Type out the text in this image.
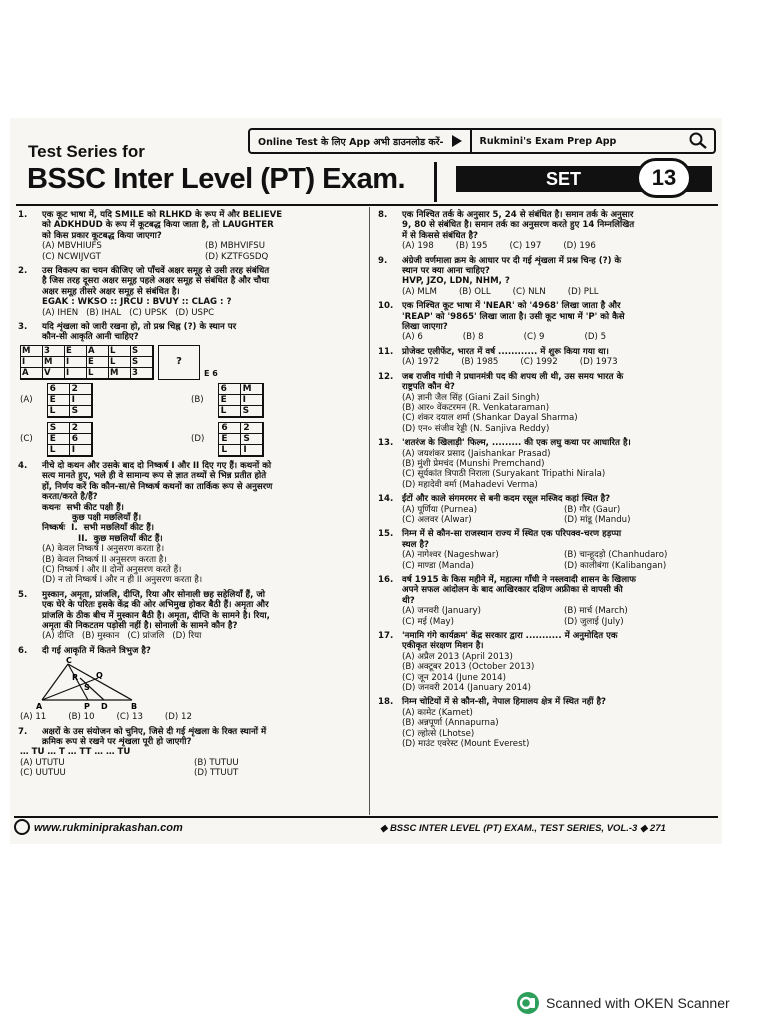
Online Test के लिए App अभी डाउनलोड करें-	Rukmini's Exam Prep App
Test Series for
BSSC Inter Level (PT) Exam.	SET	13
1. एक कूट भाषा में, यदि SMILE को RLHKD के रूप में और BELIEVE
को ADKHDUD के रूप में कूटबद्ध किया जाता है, तो LAUGHTER
को किस प्रकार कूटबद्ध किया जाएगा?
(A) MBVHIUFS	(B) MBHVIFSU
(C) NCWIJVGT	(D) KZTFGSDQ
2. उस विकल्प का चयन कीजिए जो पाँचवें अक्षर समूह से उसी तरह संबंधित
है जिस तरह दूसरा अक्षर समूह पहले अक्षर समूह से संबंधित है और चौथा
अक्षर समूह तीसरे अक्षर समूह से संबंधित है।
EGAK : WKSO :: JRCU : BVUY :: CLAG : ?
(A) IHEN (B) IHAL (C) UPSK (D) USPC
3. यदि शृंखला को जारी रखना हो, तो प्रश्न चिह्न (?) के स्थान पर
कौन-सी आकृति आनी चाहिए?
M	3	E	A	L	S
I	M	I	E	L	S
A	V	I	L	M	3
?
E 6
(A)
6	2
E	I
L	S
(B)
6	M
E	I
L	S
(C)
S	2
E	6
L	I
(D)
6	2
E	S
L	I
4. नीचे दो कथन और उसके बाद दो निष्कर्ष I और II दिए गए हैं। कथनों को
सत्य मानते हुए, भले ही वे सामान्य रूप से ज्ञात तथ्यों से भिन्न प्रतीत होते
हों, निर्णय करें कि कौन-सा/से निष्कर्ष कथनों का तार्किक रूप से अनुसरण
करता/करते है/हैं?
कथनः सभी कीट पक्षी हैं।
कुछ पक्षी मछलियाँ हैं।
निष्कर्षः I. सभी मछलियाँ कीट हैं।
II. कुछ मछलियाँ कीट हैं।
(A) केवल निष्कर्ष I अनुसरण करता है।
(B) केवल निष्कर्ष II अनुसरण करता है।
(C) निष्कर्ष I और II दोनों अनुसरण करते हैं।
(D) न तो निष्कर्ष I और न ही II अनुसरण करता है।
5. मुस्कान, अमृता, प्रांजलि, दीप्ति, रिया और सोनाली छह सहेलियाँ हैं, जो
एक घेरे के परितः इसके केंद्र की ओर अभिमुख होकर बैठी हैं। अमृता और
प्रांजलि के ठीक बीच में मुस्कान बैठी है। अमृता, दीप्ति के सामने है। रिया,
अमृता की निकटतम पड़ोसी नहीं है। सोनाली के सामने कौन है?
(A) दीप्ति (B) मुस्कान (C) प्रांजलि (D) रिया
6. दी गई आकृति में कितने त्रिभुज है?
C
R Q
S
A	P D	B
(A) 11	(B) 10	(C) 13	(D) 12
7. अक्षरों के उस संयोजन को चुनिए, जिसे दी गई शृंखला के रिक्त स्थानों में
क्रमिक रूप से रखने पर शृंखला पूरी हो जाएगी?
… TU … T … TT … … TU
(A) UTUTU	(B) TUTUU
(C) UUTUU	(D) TTUUT
8. एक निश्चित तर्क के अनुसार 5, 24 से संबंधित है। समान तर्क के अनुसार
9, 80 से संबंधित है। समान तर्क का अनुसरण करते हुए 14 निम्नलिखित
में से किससे संबंधित है?
(A) 198	(B) 195	(C) 197	(D) 196
9. अंग्रेजी वर्णमाला क्रम के आधार पर दी गई शृंखला में प्रश्न चिन्ह (?) के
स्थान पर क्या आना चाहिए?
HVP, JZO, LDN, NHM, ?
(A) MLM	(B) OLL	(C) NLN	(D) PLL
10. एक निश्चित कूट भाषा में 'NEAR' को '4968' लिखा जाता है और
'REAP' को '9865' लिखा जाता है। उसी कूट भाषा में 'P' को कैसे
लिखा जाएगा?
(A) 6	(B) 8	(C) 9	(D) 5
11. प्रोजेक्ट एलीफेंट, भारत में वर्ष ............ में शुरू किया गया था।
(A) 1972	(B) 1985	(C) 1992	(D) 1973
12. जब राजीव गांधी ने प्रधानमंत्री पद की शपथ ली थी, उस समय भारत के
राष्ट्रपति कौन थे?
(A) ज्ञानी जैल सिंह (Giani Zail Singh)
(B) आर० वेंकटरमन (R. Venkataraman)
(C) शंकर दयाल शर्मा (Shankar Dayal Sharma)
(D) एन० संजीव रेड्डी (N. Sanjiva Reddy)
13. 'शतरंज के खिलाड़ी' फिल्म, ......... की एक लघु कथा पर आधारित है।
(A) जयशंकर प्रसाद (Jaishankar Prasad)
(B) मुंशी प्रेमचंद (Munshi Premchand)
(C) सूर्यकांत त्रिपाठी निराला (Suryakant Tripathi Nirala)
(D) महादेवी वर्मा (Mahadevi Verma)
14. ईंटों और काले संगमरमर से बनी कदम रसूल मस्जिद कहां स्थित है?
(A) पूर्णिया (Purnea)	(B) गौर (Gaur)
(C) अलवर (Alwar)	(D) मांडू (Mandu)
15. निम्न में से कौन-सा राजस्थान राज्य में स्थित एक परिपक्व-चरण हड़प्पा
स्थल है?
(A) नागेश्वर (Nageshwar)	(B) चान्हूदड़ो (Chanhudaro)
(C) माण्डा (Manda)	(D) कालीबंगा (Kalibangan)
16. वर्ष 1915 के किस महीने में, महात्मा गाँधी ने नस्लवादी शासन के खिलाफ
अपने सफल आंदोलन के बाद आखिरकार दक्षिण अफ्रीका से वापसी की
थी?
(A) जनवरी (January)	(B) मार्च (March)
(C) मई (May)	(D) जुलाई (July)
17. 'नमामि गंगे कार्यक्रम' केंद्र सरकार द्वारा ........... में अनुमोदित एक
एकीकृत संरक्षण मिशन है।
(A) अप्रैल 2013 (April 2013)
(B) अक्टूबर 2013 (October 2013)
(C) जून 2014 (June 2014)
(D) जनवरी 2014 (January 2014)
18. निम्न चोटियों में से कौन-सी, नेपाल हिमालय क्षेत्र में स्थित नहीं है?
(A) कामेट (Kamet)
(B) अन्नपूर्णा (Annapurna)
(C) ल्होत्से (Lhotse)
(D) माउंट एवरेस्ट (Mount Everest)
www.rukminiprakashan.com	◆ BSSC INTER LEVEL (PT) EXAM., TEST SERIES, VOL.-3 ◆ 271
Scanned with OKEN Scanner
